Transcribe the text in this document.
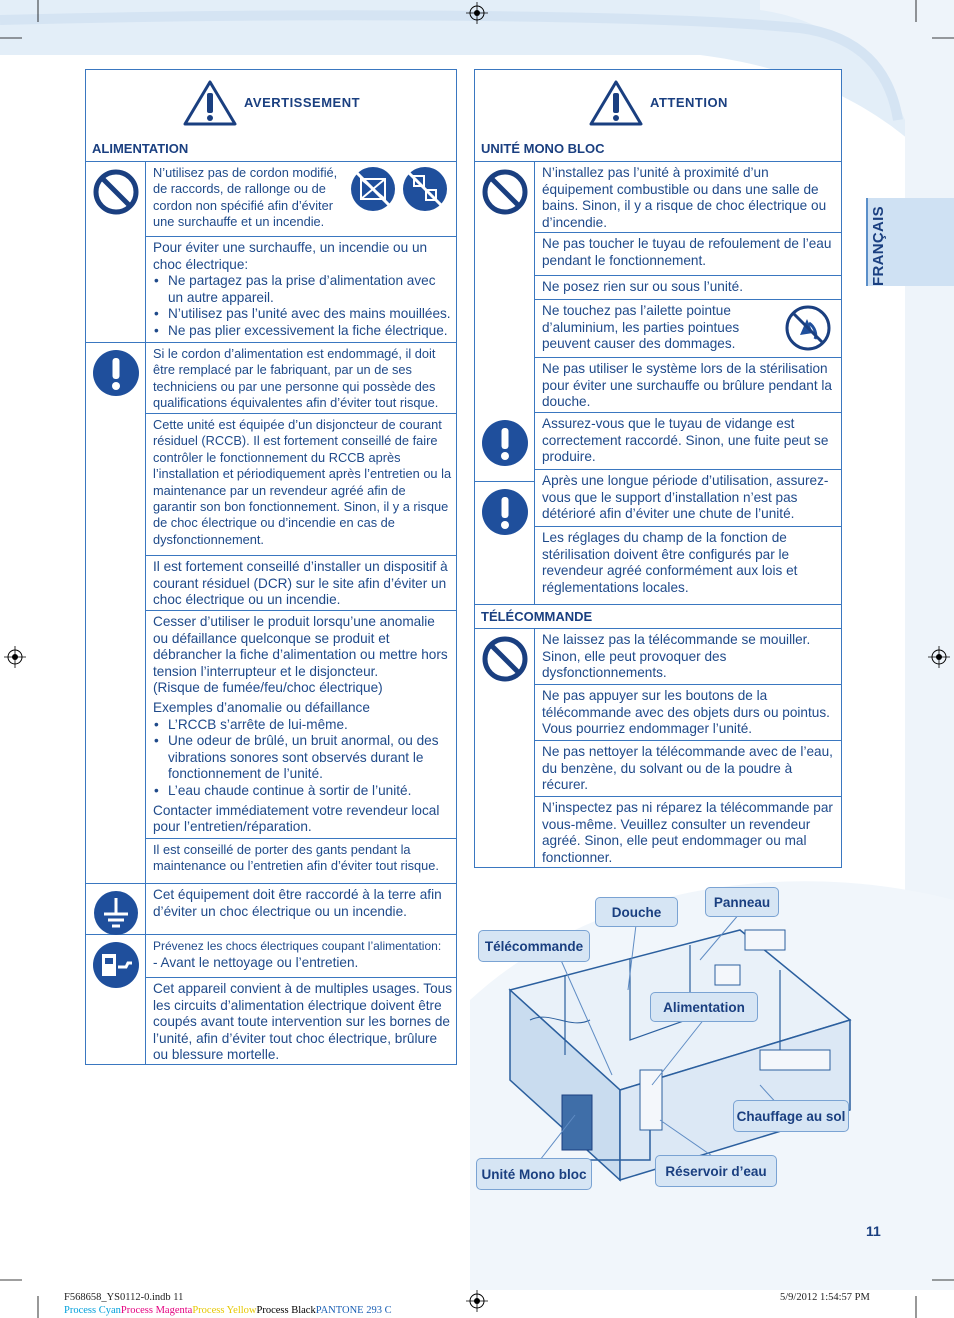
FRANÇAIS
AVERTISSEMENT
ALIMENTATION

N’utilisez pas de cordon modifié, de raccords, de rallonge ou de cordon non spécifié afin d’éviter une surchauffe et un incendie.

Pour éviter une surchauffe, un incendie ou un choc électrique:

• Ne partagez pas la prise d’alimentation avec un autre appareil.
• N’utilisez pas l’unité avec des mains mouillées.
• Ne pas plier excessivement la fiche électrique.

Si le cordon d’alimentation est endommagé, il doit être remplacé par le fabriquant, par un de ses techniciens ou par une personne qui possède des qualifications équivalentes afin d’éviter tout risque.

Cette unité est équipée d’un disjoncteur de courant résiduel (RCCB). Il est fortement conseillé de faire contrôler le fonctionnement du RCCB après l’installation et périodiquement après l’entretien ou la maintenance par un revendeur agréé afin de garantir son bon fonctionnement. Sinon, il y a risque de choc électrique ou d’incendie en cas de dysfonctionnement.

Il est fortement conseillé d’installer un dispositif à courant résiduel (DCR) sur le site afin d’éviter un choc électrique ou un incendie.

Cesser d’utiliser le produit lorsqu’une anomalie ou défaillance quelconque se produit et débrancher la fiche d’alimentation ou mettre hors tension l’interrupteur et le disjoncteur.

(Risque de fumée/feu/choc électrique)

Exemples d’anomalie ou défaillance

• L’RCCB s’arrête de lui-même.
• Une odeur de brûlé, un bruit anormal, ou des vibrations sonores sont observés durant le fonctionnement de l’unité.
• L’eau chaude continue à sortir de l’unité.

Contacter immédiatement votre revendeur local pour l’entretien/réparation.

Il est conseillé de porter des gants pendant la maintenance ou l’entretien afin d’éviter tout risque.

Cet équipement doit être raccordé à la terre afin d’éviter un choc électrique ou un incendie.

Prévenez les chocs électriques coupant l’alimentation:

- Avant le nettoyage ou l’entretien.

Cet appareil convient à de multiples usages. Tous les circuits d’alimentation électrique doivent être coupés avant toute intervention sur les bornes de l’unité, afin d’éviter tout choc électrique, brûlure ou blessure mortelle.

ATTENTION
UNITÉ MONO BLOC

N’installez pas l’unité à proximité d’un équipement combustible ou dans une salle de bains. Sinon, il y a risque de choc électrique ou d’incendie.

Ne pas toucher le tuyau de refoulement de l’eau pendant le fonctionnement.

Ne posez rien sur ou sous l’unité.

Ne touchez pas l’ailette pointue d’aluminium, les parties pointues peuvent causer des dommages.

Ne pas utiliser le système lors de la stérilisation pour éviter une surchauffe ou brûlure pendant la douche.

Assurez-vous que le tuyau de vidange est correctement raccordé. Sinon, une fuite peut se produire.

Après une longue période d’utilisation, assurez-vous que le support d’installation n’est pas détérioré afin d’éviter une chute de l’unité.

Les réglages du champ de la fonction de stérilisation doivent être configurés par le revendeur agréé conformément aux lois et réglementations locales.

TÉLÉCOMMANDE

Ne laissez pas la télécommande se mouiller. Sinon, elle peut provoquer des dysfonctionnements.

Ne pas appuyer sur les boutons de la télécommande avec des objets durs ou pointus. Vous pourriez endommager l’unité.

Ne pas nettoyer la télécommande avec de l’eau, du benzène, du solvant ou de la poudre à récurer.

N’inspectez pas ni réparez la télécommande par vous-même. Veuillez consulter un revendeur agréé. Sinon, elle peut endommager ou mal fonctionner.

Douche
Panneau
Télécommande
Alimentation
Chauffage au sol
Unité Mono bloc	Réservoir d’eau
11
F568658_YS0112-0.indb 11	5/9/2012 1:54:57 PM
Process CyanProcess MagentaProcess YellowProcess BlackPANTONE 293 C
